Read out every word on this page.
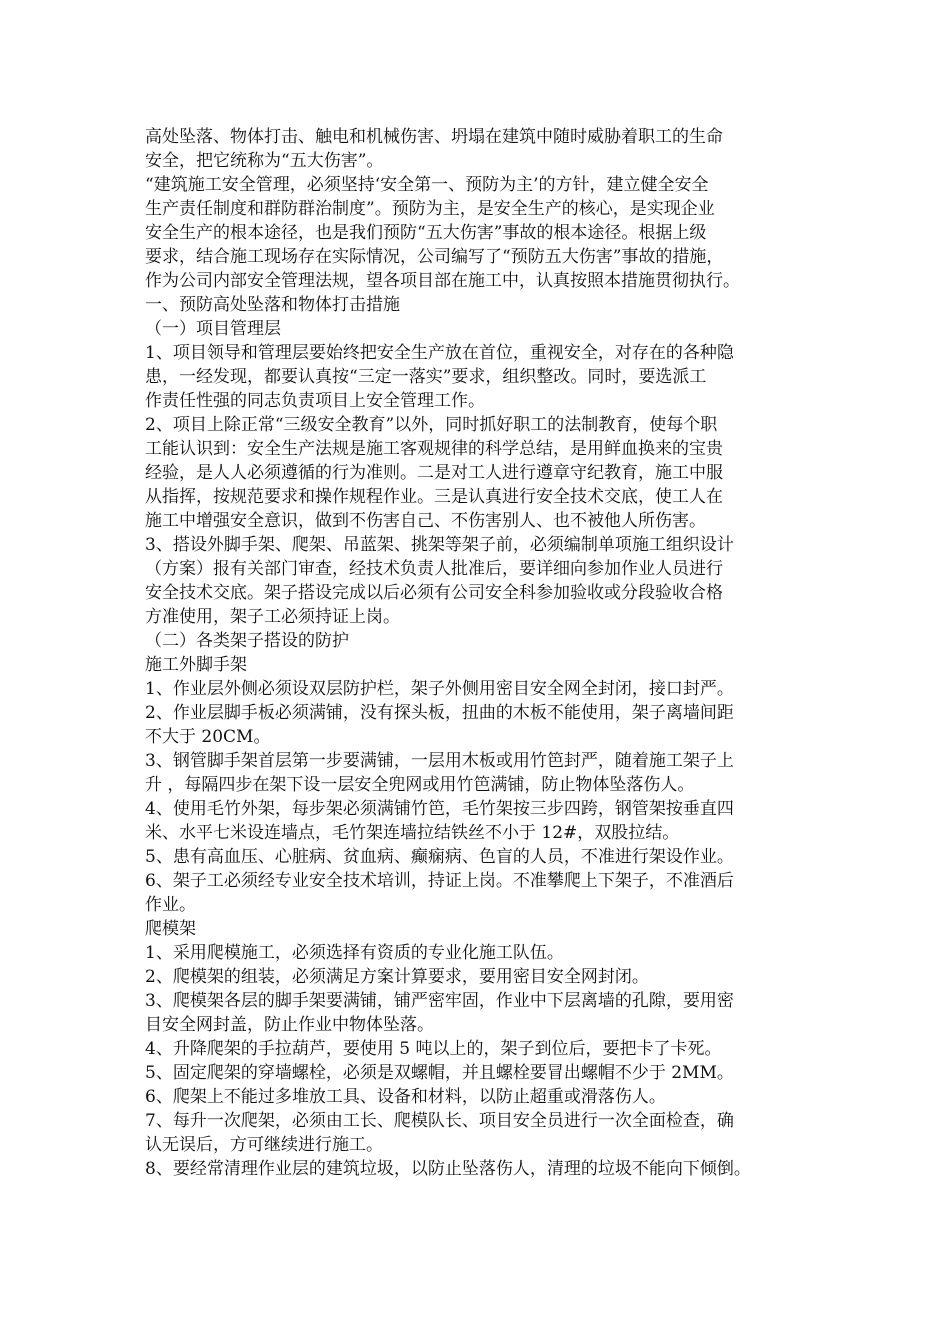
高处坠落、物体打击、触电和机械伤害、坍塌在建筑中随时威胁着职工的生命
安全，把它统称为“五大伤害”。
“建筑施工安全管理，必须坚持‘安全第一、预防为主’的方针，建立健全安全
生产责任制度和群防群治制度”。预防为主，是安全生产的核心，是实现企业
安全生产的根本途径，也是我们预防“五大伤害”事故的根本途径。根据上级
要求，结合施工现场存在实际情况，公司编写了“预防五大伤害”事故的措施，
作为公司内部安全管理法规，望各项目部在施工中，认真按照本措施贯彻执行。
一、预防高处坠落和物体打击措施
（一）项目管理层
1、项目领导和管理层要始终把安全生产放在首位，重视安全，对存在的各种隐
患，一经发现，都要认真按“三定一落实”要求，组织整改。同时，要选派工
作责任性强的同志负责项目上安全管理工作。
2、项目上除正常“三级安全教育”以外，同时抓好职工的法制教育，使每个职
工能认识到：安全生产法规是施工客观规律的科学总结，是用鲜血换来的宝贵
经验，是人人必须遵循的行为准则。二是对工人进行遵章守纪教育，施工中服
从指挥，按规范要求和操作规程作业。三是认真进行安全技术交底，使工人在
施工中增强安全意识，做到不伤害自己、不伤害别人、也不被他人所伤害。
3、搭设外脚手架、爬架、吊蓝架、挑架等架子前，必须编制单项施工组织设计
（方案）报有关部门审查，经技术负责人批准后，要详细向参加作业人员进行
安全技术交底。架子搭设完成以后必须有公司安全科参加验收或分段验收合格
方准使用，架子工必须持证上岗。
（二）各类架子搭设的防护
施工外脚手架
1、作业层外侧必须设双层防护栏，架子外侧用密目安全网全封闭，接口封严。
2、作业层脚手板必须满铺，没有探头板，扭曲的木板不能使用，架子离墙间距
不大于 20CM。
3、钢管脚手架首层第一步要满铺，一层用木板或用竹笆封严，随着施工架子上
升 ，每隔四步在架下设一层安全兜网或用竹笆满铺，防止物体坠落伤人。
4、使用毛竹外架，每步架必须满铺竹笆，毛竹架按三步四跨，钢管架按垂直四
米、水平七米设连墙点，毛竹架连墙拉结铁丝不小于 12#，双股拉结。
5、患有高血压、心脏病、贫血病、癫痫病、色盲的人员，不准进行架设作业。
6、架子工必须经专业安全技术培训，持证上岗。不准攀爬上下架子，不准酒后
作业。
爬模架
1、采用爬模施工，必须选择有资质的专业化施工队伍。
2、爬模架的组装，必须满足方案计算要求，要用密目安全网封闭。
3、爬模架各层的脚手架要满铺，铺严密牢固，作业中下层离墙的孔隙，要用密
目安全网封盖，防止作业中物体坠落。
4、升降爬架的手拉葫芦，要使用 5 吨以上的，架子到位后，要把卡了卡死。
5、固定爬架的穿墙螺栓，必须是双螺帽，并且螺栓要冒出螺帽不少于 2MM。
6、爬架上不能过多堆放工具、设备和材料，以防止超重或滑落伤人。
7、每升一次爬架，必须由工长、爬模队长、项目安全员进行一次全面检查，确
认无误后，方可继续进行施工。
8、要经常清理作业层的建筑垃圾，以防止坠落伤人，清理的垃圾不能向下倾倒。
